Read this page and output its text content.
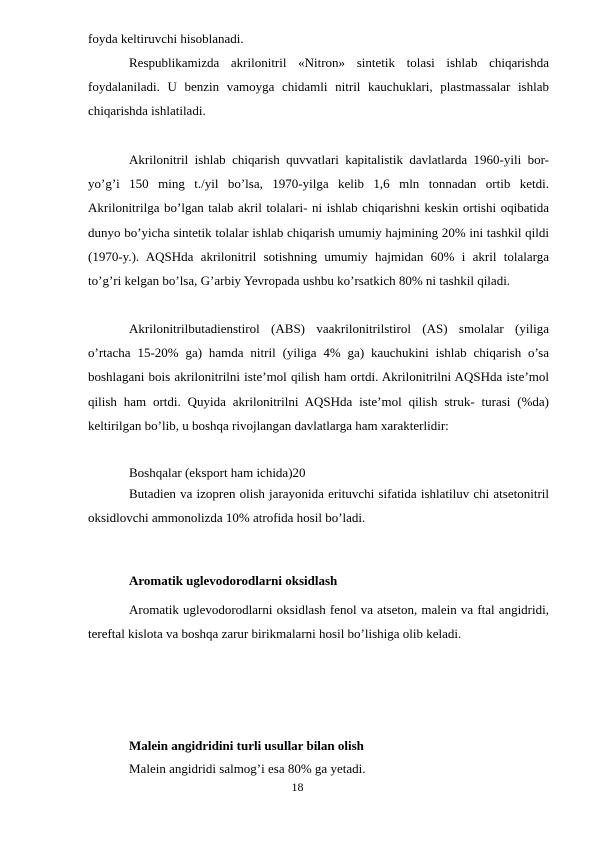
foyda keltiruvchi hisoblanadi.

Respublikamizda akrilonitril «Nitron» sintetik tolasi ishlab chiqarishda foydalaniladi. U benzin vamoyga chidamli nitril kauchuklari, plastmassalar ishlab chiqarishda ishlatiladi.

Akrilonitril ishlab chiqarish quvvatlari kapitalistik davlatlarda 1960-yili bor-yo’g’i 150 ming t./yil bo’lsa, 1970-yilga kelib 1,6 mln tonnadan ortib ketdi. Akrilonitrilga bo’lgan talab akril tolalari- ni ishlab chiqarishni keskin ortishi oqibatida dunyo bo’yicha sintetik tolalar ishlab chiqarish umumiy hajmining 20% ini tashkil qildi (1970-y.). AQSHda akrilonitril sotishning umumiy hajmidan 60% i akril tolalarga to’g’ri kelgan bo’lsa, G’arbiy Yevropada ushbu ko’rsatkich 80% ni tashkil qiladi.

Akrilonitrilbutadienstirol (ABS) vaakrilonitrilstirol (AS) smolalar (yiliga o’rtacha 15-20% ga) hamda nitril (yiliga 4% ga) kauchukini ishlab chiqarish o’sa boshlagani bois akrilonitrilni iste’mol qilish ham ortdi. Akrilonitrilni AQSHda iste’mol qilish ham ortdi. Quyida akrilonitrilni AQSHda iste’mol qilish struk- turasi (%da) keltirilgan bo’lib, u boshqa rivojlangan davlatlarga ham xarakterlidir:

Boshqalar (eksport ham ichida)20

Butadien va izopren olish jarayonida erituvchi sifatida ishlatiluv chi atsetonitril oksidlovchi ammonolizda 10% atrofida hosil bo’ladi.

Aromatik uglevodorodlarni oksidlash

Aromatik uglevodorodlarni oksidlash fenol va atseton, malein va ftal angidridi, tereftal kislota va boshqa zarur birikmalarni hosil bo’lishiga olib keladi.

Malein angidridini turli usullar bilan olish

Malein angidridi salmog’i esa 80% ga yetadi.

18
